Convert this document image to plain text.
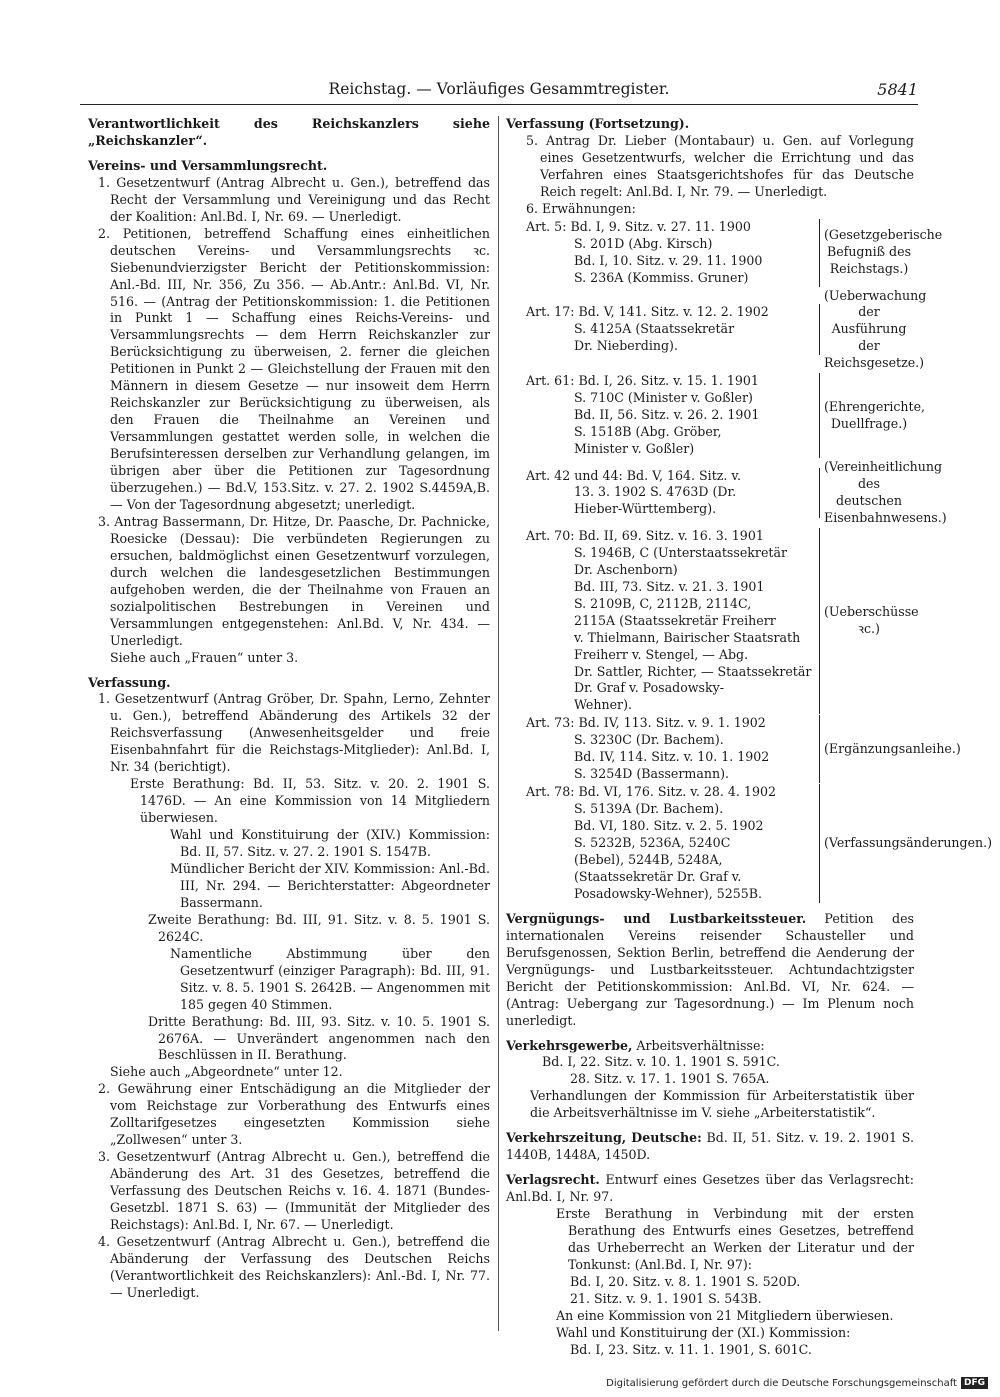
Reichstag. — Vorläufiges Gesammtregister.	5841

Verantwortlichkeit des Reichskanzlers siehe „Reichskanzler“.

Vereins- und Versammlungsrecht.

1. Gesetzentwurf (Antrag Albrecht u. Gen.), betreffend das Recht der Versammlung und Vereinigung und das Recht der Koalition: Anl.Bd. I, Nr. 69. — Unerledigt.

2. Petitionen, betreffend Schaffung eines einheitlichen deutschen Vereins- und Versammlungsrechts ꝛc. Siebenundvierzigster Bericht der Petitionskommission: Anl.-Bd. III, Nr. 356, Zu 356. — Ab.Antr.: Anl.Bd. VI, Nr. 516. — (Antrag der Petitionskommission: 1. die Petitionen in Punkt 1 — Schaffung eines Reichs-Vereins- und Versammlungsrechts — dem Herrn Reichskanzler zur Berücksichtigung zu überweisen, 2. ferner die gleichen Petitionen in Punkt 2 — Gleichstellung der Frauen mit den Männern in diesem Gesetze — nur insoweit dem Herrn Reichskanzler zur Berücksichtigung zu überweisen, als den Frauen die Theilnahme an Vereinen und Versammlungen gestattet werden solle, in welchen die Berufsinteressen derselben zur Verhandlung gelangen, im übrigen aber über die Petitionen zur Tagesordnung überzugehen.) — Bd.V, 153.Sitz. v. 27. 2. 1902 S.4459A,B. — Von der Tagesordnung abgesetzt; unerledigt.

3. Antrag Bassermann, Dr. Hitze, Dr. Paasche, Dr. Pachnicke, Roesicke (Dessau): Die verbündeten Regierungen zu ersuchen, baldmöglichst einen Gesetzentwurf vorzulegen, durch welchen die landesgesetzlichen Bestimmungen aufgehoben werden, die der Theilnahme von Frauen an sozialpolitischen Bestrebungen in Vereinen und Versammlungen entgegenstehen: Anl.Bd. V, Nr. 434. — Unerledigt.

Siehe auch „Frauen“ unter 3.

Verfassung.

1. Gesetzentwurf (Antrag Gröber, Dr. Spahn, Lerno, Zehnter u. Gen.), betreffend Abänderung des Artikels 32 der Reichsverfassung (Anwesenheitsgelder und freie Eisenbahnfahrt für die Reichstags-Mitglieder): Anl.Bd. I, Nr. 34 (berichtigt).

Erste Berathung: Bd. II, 53. Sitz. v. 20. 2. 1901 S. 1476D. — An eine Kommission von 14 Mitgliedern überwiesen.

Wahl und Konstituirung der (XIV.) Kommission: Bd. II, 57. Sitz. v. 27. 2. 1901 S. 1547B.

Mündlicher Bericht der XIV. Kommission: Anl.-Bd. III, Nr. 294. — Berichterstatter: Abgeordneter Bassermann.

Zweite Berathung: Bd. III, 91. Sitz. v. 8. 5. 1901 S. 2624C.

Namentliche Abstimmung über den Gesetzentwurf (einziger Paragraph): Bd. III, 91. Sitz. v. 8. 5. 1901 S. 2642B. — Angenommen mit 185 gegen 40 Stimmen.

Dritte Berathung: Bd. III, 93. Sitz. v. 10. 5. 1901 S. 2676A. — Unverändert angenommen nach den Beschlüssen in II. Berathung.

Siehe auch „Abgeordnete“ unter 12.

2. Gewährung einer Entschädigung an die Mitglieder der vom Reichstage zur Vorberathung des Entwurfs eines Zolltarifgesetzes eingesetzten Kommission siehe „Zollwesen“ unter 3.

3. Gesetzentwurf (Antrag Albrecht u. Gen.), betreffend die Abänderung des Art. 31 des Gesetzes, betreffend die Verfassung des Deutschen Reichs v. 16. 4. 1871 (Bundes-Gesetzbl. 1871 S. 63) — (Immunität der Mitglieder des Reichstags): Anl.Bd. I, Nr. 67. — Unerledigt.

4. Gesetzentwurf (Antrag Albrecht u. Gen.), betreffend die Abänderung der Verfassung des Deutschen Reichs (Verantwortlichkeit des Reichskanzlers): Anl.-Bd. I, Nr. 77. — Unerledigt.

Verfassung (Fortsetzung).

5. Antrag Dr. Lieber (Montabaur) u. Gen. auf Vorlegung eines Gesetzentwurfs, welcher die Errichtung und das Verfahren eines Staatsgerichtshofes für das Deutsche Reich regelt: Anl.Bd. I, Nr. 79. — Unerledigt.

6. Erwähnungen:

Art. 5: Bd. I, 9. Sitz. v. 27. 11. 1900
S. 201D (Abg. Kirsch)
Bd. I, 10. Sitz. v. 29. 11. 1900
S. 236A (Kommiss. Gruner)
(Gesetzgeberische Befugniß des Reichstags.)
Art. 17: Bd. V, 141. Sitz. v. 12. 2. 1902
S. 4125A (Staatssekretär
Dr. Nieberding).
(Ueberwachung der Ausführung der Reichsgesetze.)
Art. 61: Bd. I, 26. Sitz. v. 15. 1. 1901
S. 710C (Minister v. Goßler)
Bd. II, 56. Sitz. v. 26. 2. 1901
S. 1518B (Abg. Gröber,
Minister v. Goßler)
(Ehrengerichte, Duellfrage.)
Art. 42 und 44: Bd. V, 164. Sitz. v.
13. 3. 1902 S. 4763D (Dr.
Hieber-Württemberg).
(Vereinheitlichung des deutschen Eisenbahnwesens.)
Art. 70: Bd. II, 69. Sitz. v. 16. 3. 1901
S. 1946B, C (Unterstaatssekretär
Dr. Aschenborn)
Bd. III, 73. Sitz. v. 21. 3. 1901
S. 2109B, C, 2112B, 2114C,
2115A (Staatssekretär Freiherr
v. Thielmann, Bairischer Staatsrath Freiherr v. Stengel, — Abg.
Dr. Sattler, Richter, — Staatssekretär Dr. Graf v. Posadowsky-
Wehner).
(Ueberschüsse ꝛc.)
Art. 73: Bd. IV, 113. Sitz. v. 9. 1. 1902
S. 3230C (Dr. Bachem).
Bd. IV, 114. Sitz. v. 10. 1. 1902
S. 3254D (Bassermann).
(Ergänzungsanleihe.)
Art. 78: Bd. VI, 176. Sitz. v. 28. 4. 1902
S. 5139A (Dr. Bachem).
Bd. VI, 180. Sitz. v. 2. 5. 1902
S. 5232B, 5236A, 5240C
(Bebel), 5244B, 5248A,
(Staatssekretär Dr. Graf v. Posadowsky-Wehner), 5255B.
(Verfassungsänderungen.)

Vergnügungs- und Lustbarkeitssteuer. Petition des internationalen Vereins reisender Schausteller und Berufsgenossen, Sektion Berlin, betreffend die Aenderung der Vergnügungs- und Lustbarkeitssteuer. Achtundachtzigster Bericht der Petitionskommission: Anl.Bd. VI, Nr. 624. — (Antrag: Uebergang zur Tagesordnung.) — Im Plenum noch unerledigt.

Verkehrsgewerbe, Arbeitsverhältnisse:

Bd. I, 22. Sitz. v. 10. 1. 1901 S. 591C.

28. Sitz. v. 17. 1. 1901 S. 765A.

Verhandlungen der Kommission für Arbeiterstatistik über die Arbeitsverhältnisse im V. siehe „Arbeiterstatistik“.

Verkehrszeitung, Deutsche: Bd. II, 51. Sitz. v. 19. 2. 1901 S. 1440B, 1448A, 1450D.

Verlagsrecht. Entwurf eines Gesetzes über das Verlagsrecht: Anl.Bd. I, Nr. 97.

Erste Berathung in Verbindung mit der ersten Berathung des Entwurfs eines Gesetzes, betreffend das Urheberrecht an Werken der Literatur und der Tonkunst: (Anl.Bd. I, Nr. 97):

Bd. I, 20. Sitz. v. 8. 1. 1901 S. 520D.

21. Sitz. v. 9. 1. 1901 S. 543B.

An eine Kommission von 21 Mitgliedern überwiesen.

Wahl und Konstituirung der (XI.) Kommission:

Bd. I, 23. Sitz. v. 11. 1. 1901, S. 601C.

Digitalisierung gefördert durch die Deutsche Forschungsgemeinschaft DFG
